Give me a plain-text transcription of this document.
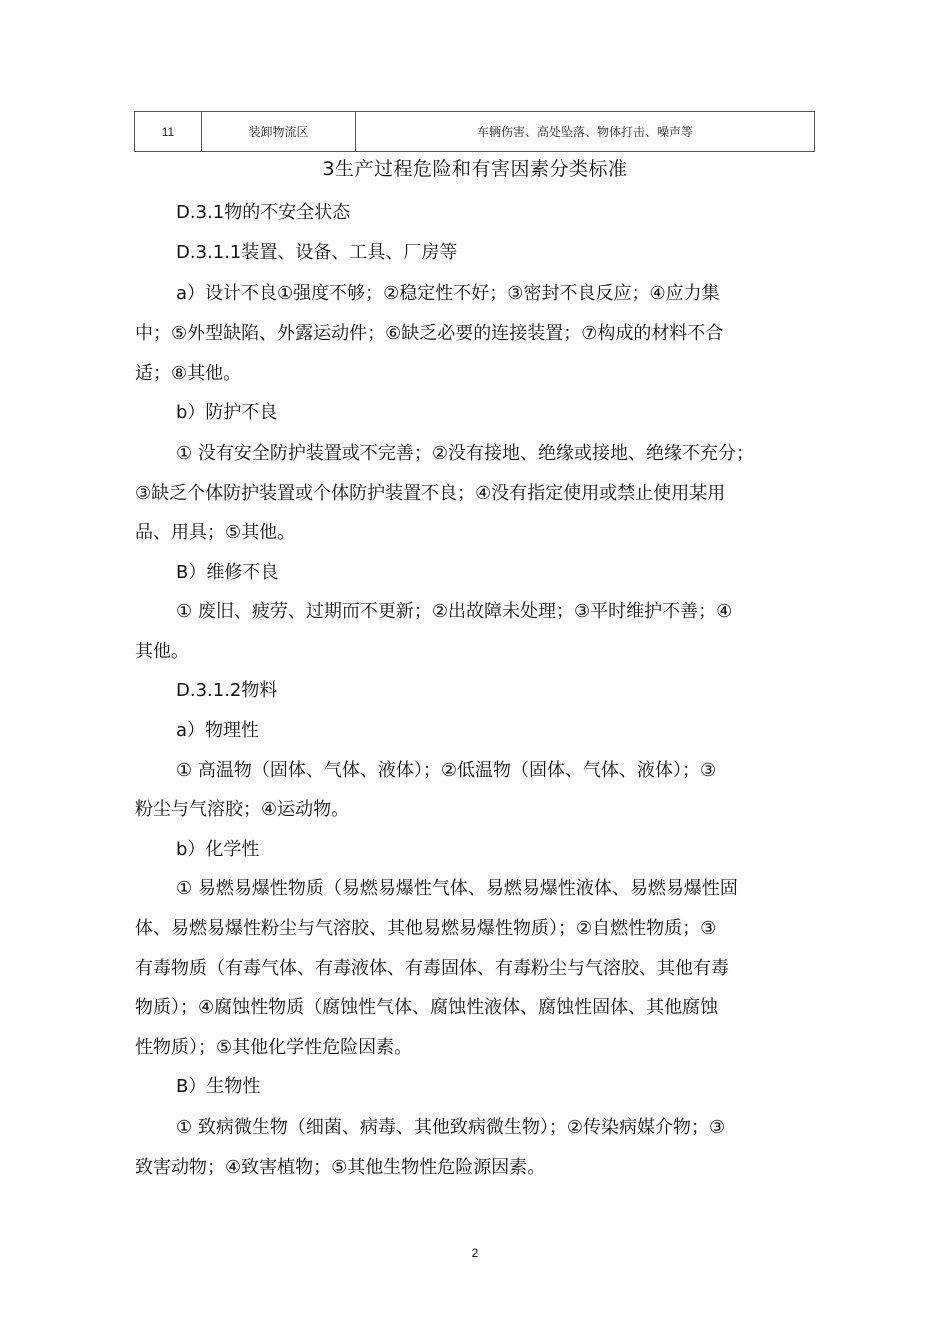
11	装卸物流区	车辆伤害、高处坠落、物体打击、噪声等
3生产过程危险和有害因素分类标准
D.3.1物的不安全状态
D.3.1.1装置、设备、工具、厂房等
a）设计不良①强度不够；②稳定性不好；③密封不良反应；④应力集
中；⑤外型缺陷、外露运动件；⑥缺乏必要的连接装置；⑦构成的材料不合
适；⑧其他。
b）防护不良
① 没有安全防护装置或不完善；②没有接地、绝缘或接地、绝缘不充分；
③缺乏个体防护装置或个体防护装置不良；④没有指定使用或禁止使用某用
品、用具；⑤其他。
B）维修不良
① 废旧、疲劳、过期而不更新；②出故障未处理；③平时维护不善；④
其他。
D.3.1.2物料
a）物理性
① 高温物（固体、气体、液体）；②低温物（固体、气体、液体）；③
粉尘与气溶胶；④运动物。
b）化学性
① 易燃易爆性物质（易燃易爆性气体、易燃易爆性液体、易燃易爆性固
体、易燃易爆性粉尘与气溶胶、其他易燃易爆性物质）；②自燃性物质；③
有毒物质（有毒气体、有毒液体、有毒固体、有毒粉尘与气溶胶、其他有毒
物质）；④腐蚀性物质（腐蚀性气体、腐蚀性液体、腐蚀性固体、其他腐蚀
性物质）；⑤其他化学性危险因素。
B）生物性
① 致病微生物（细菌、病毒、其他致病微生物）；②传染病媒介物；③
致害动物；④致害植物；⑤其他生物性危险源因素。
2
